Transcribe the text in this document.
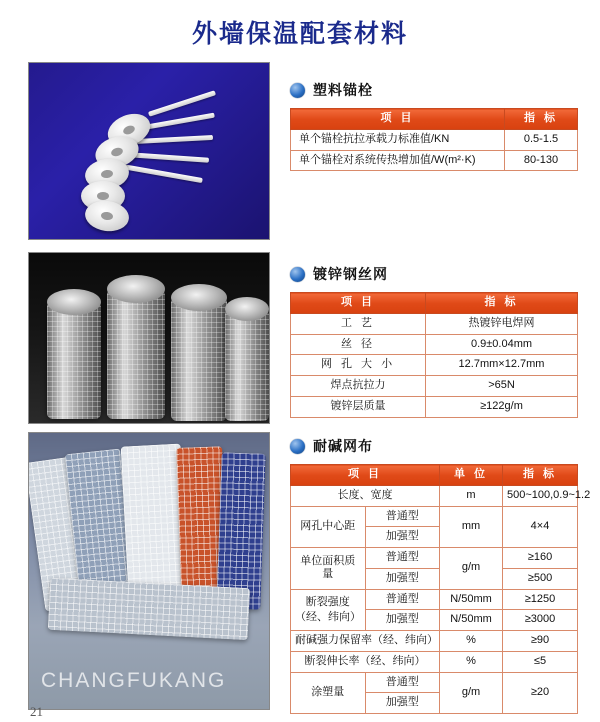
外墙保温配套材料
塑料锚栓
项 目	指 标
单个锚栓抗拉承载力标准值/KN	0.5-1.5
单个锚栓对系统传热增加值/W(m²·K)	80-130
镀锌钢丝网
项 目	指 标
工 艺	热镀锌电焊网
丝 径	0.9±0.04mm
网 孔 大 小	12.7mm×12.7mm
焊点抗拉力	>65N
镀锌层质量	≥122g/m
CHANGFUKANG
21
耐碱网布
项 目		单 位	指 标
长度、宽度		m	500~100,0.9~1.2
网孔中心距	普通型	mm	4×4
	加强型		
单位面积质量	普通型	g/m	≥160
	加强型		≥500
断裂强度
（经、纬向）	普通型	N/50mm	≥1250
	加强型	N/50mm	≥3000
耐碱强力保留率（经、纬向）		%	≥90
断裂伸长率（经、纬向）		%	≤5
涂塑量	普通型	g/m	≥20
	加强型		
